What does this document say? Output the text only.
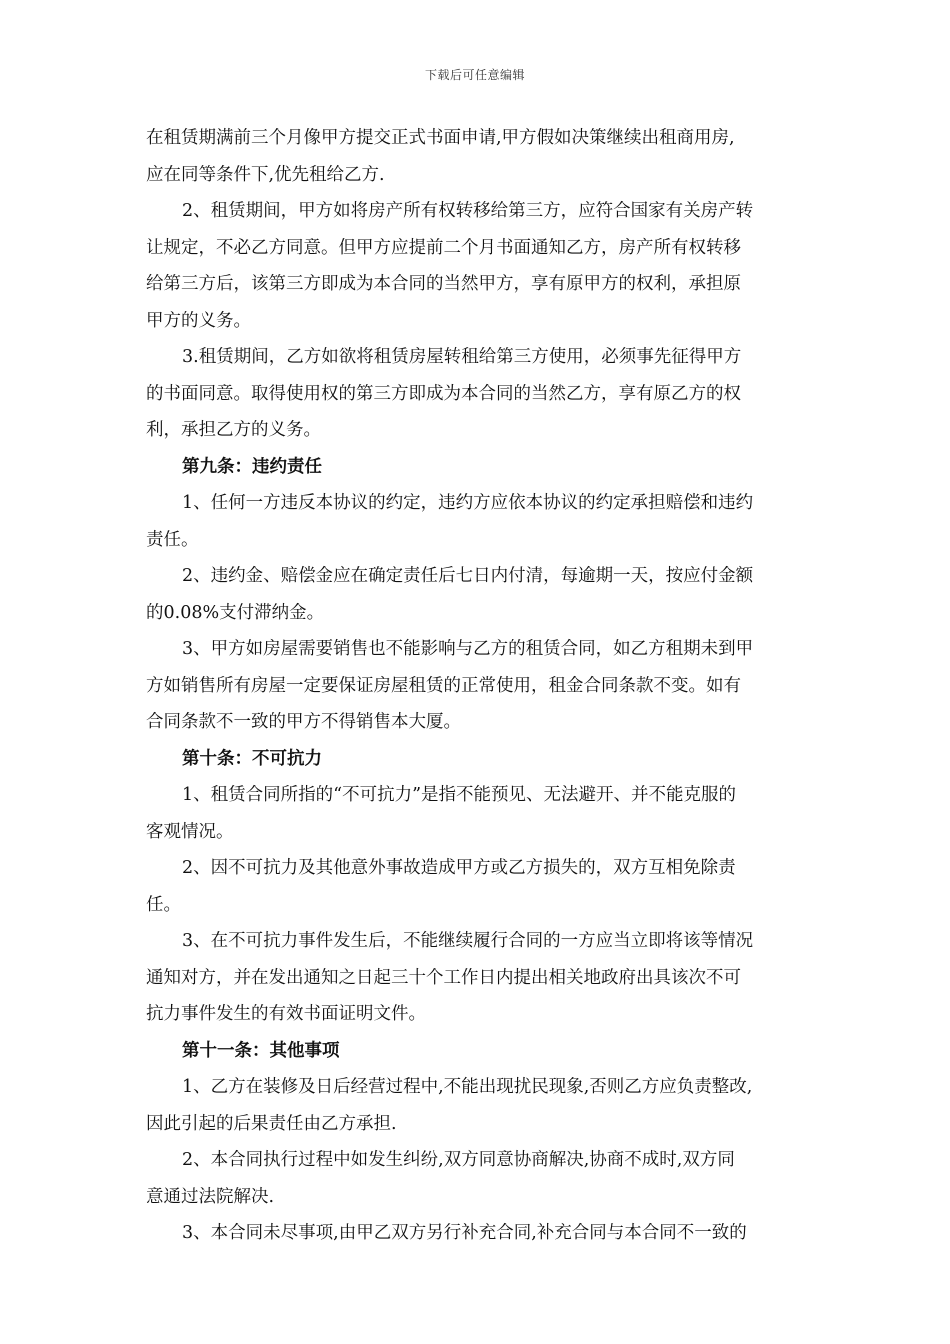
下载后可任意编辑
在租赁期满前三个月像甲方提交正式书面申请,甲方假如决策继续出租商用房,
应在同等条件下,优先租给乙方.
2、租赁期间，甲方如将房产所有权转移给第三方，应符合国家有关房产转
让规定，不必乙方同意。但甲方应提前二个月书面通知乙方，房产所有权转移
给第三方后，该第三方即成为本合同的当然甲方，享有原甲方的权利，承担原
甲方的义务。
3.租赁期间，乙方如欲将租赁房屋转租给第三方使用，必须事先征得甲方
的书面同意。取得使用权的第三方即成为本合同的当然乙方，享有原乙方的权
利，承担乙方的义务。
第九条：违约责任
1、任何一方违反本协议的约定，违约方应依本协议的约定承担赔偿和违约
责任。
2、违约金、赔偿金应在确定责任后七日内付清，每逾期一天，按应付金额
的0.08%支付滞纳金。
3、甲方如房屋需要销售也不能影响与乙方的租赁合同，如乙方租期未到甲
方如销售所有房屋一定要保证房屋租赁的正常使用，租金合同条款不变。如有
合同条款不一致的甲方不得销售本大厦。
第十条：不可抗力
1、租赁合同所指的“不可抗力”是指不能预见、无法避开、并不能克服的
客观情况。
2、因不可抗力及其他意外事故造成甲方或乙方损失的，双方互相免除责
任。
3、在不可抗力事件发生后，不能继续履行合同的一方应当立即将该等情况
通知对方，并在发出通知之日起三十个工作日内提出相关地政府出具该次不可
抗力事件发生的有效书面证明文件。
第十一条：其他事项
1、乙方在装修及日后经营过程中,不能出现扰民现象,否则乙方应负责整改,
因此引起的后果责任由乙方承担.
2、本合同执行过程中如发生纠纷,双方同意协商解决,协商不成时,双方同
意通过法院解决.
3、本合同未尽事项,由甲乙双方另行补充合同,补充合同与本合同不一致的
